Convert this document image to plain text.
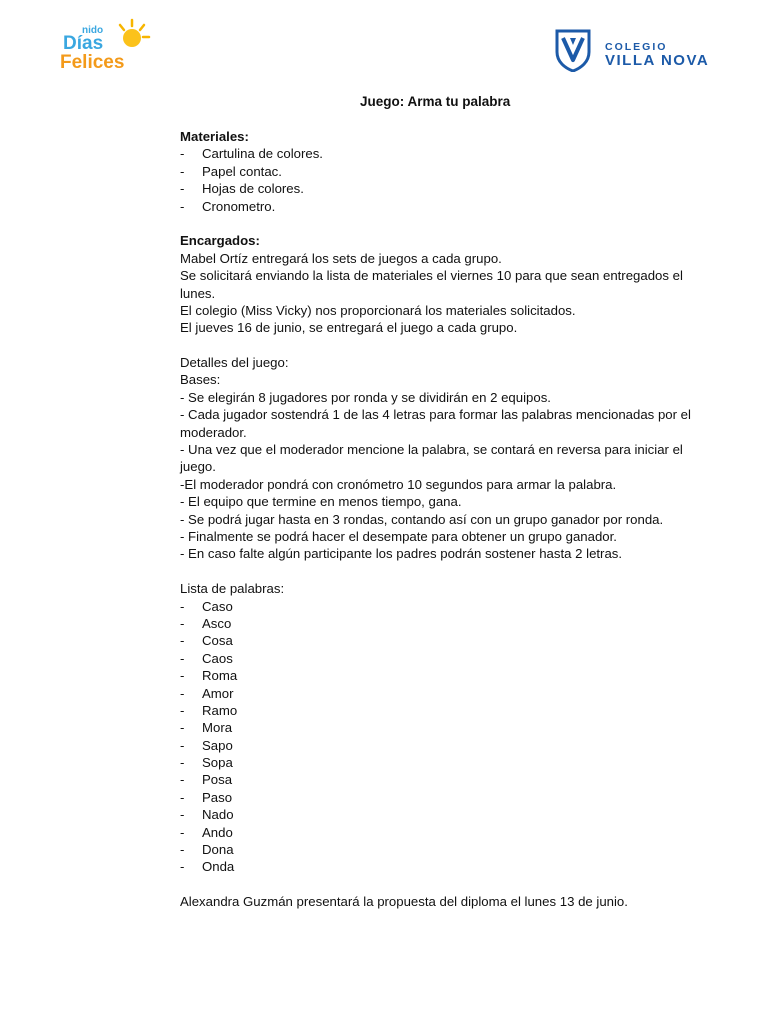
nido
Días
Felices
COLEGIO
VILLA NOVA
Juego: Arma tu palabra
Materiales:
-	Cartulina de colores.
-	Papel contac.
-	Hojas de colores.
-	Cronometro.
Encargados:
Mabel Ortíz entregará los sets de juegos a cada grupo.
Se solicitará enviando la lista de materiales el viernes 10 para que sean entregados el
lunes.
El colegio (Miss Vicky) nos proporcionará los materiales solicitados.
El jueves 16 de junio, se entregará el juego a cada grupo.
Detalles del juego:
Bases:
- Se elegirán 8 jugadores por ronda y se dividirán en 2 equipos.
- Cada jugador sostendrá 1 de las 4 letras para formar las palabras mencionadas por el
moderador.
- Una vez que el moderador mencione la palabra, se contará en reversa para iniciar el
juego.
-El moderador pondrá con cronómetro 10 segundos para armar la palabra.
- El equipo que termine en menos tiempo, gana.
- Se podrá jugar hasta en 3 rondas, contando así con un grupo ganador por ronda.
- Finalmente se podrá hacer el desempate para obtener un grupo ganador.
- En caso falte algún participante los padres podrán sostener hasta 2 letras.
Lista de palabras:
-	Caso
-	Asco
-	Cosa
-	Caos
-	Roma
-	Amor
-	Ramo
-	Mora
-	Sapo
-	Sopa
-	Posa
-	Paso
-	Nado
-	Ando
-	Dona
-	Onda
Alexandra Guzmán presentará la propuesta del diploma el lunes 13 de junio.
